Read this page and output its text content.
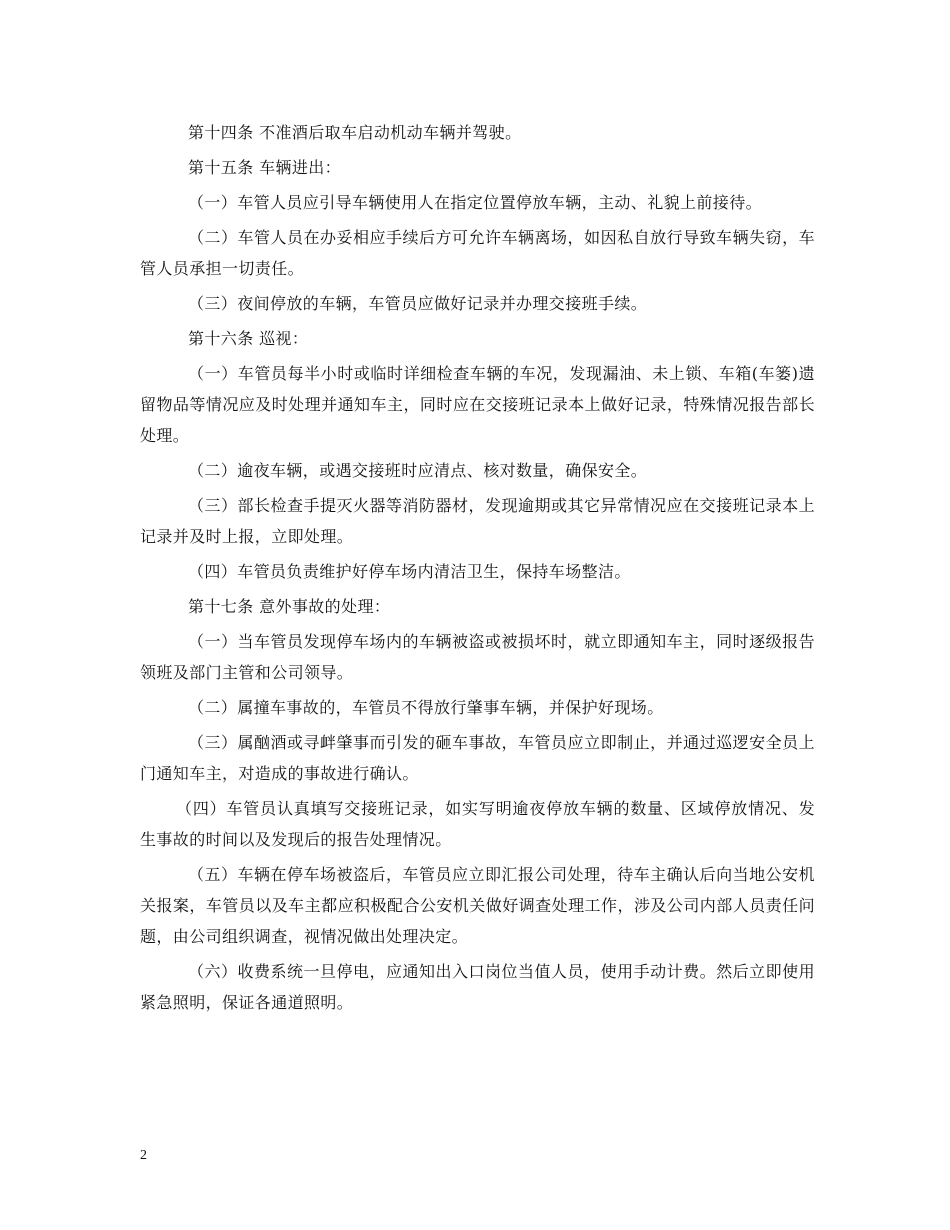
第十四条 不准酒后取车启动机动车辆并驾驶。

第十五条 车辆进出：

（一）车管人员应引导车辆使用人在指定位置停放车辆，主动、礼貌上前接待。

（二）车管人员在办妥相应手续后方可允许车辆离场，如因私自放行导致车辆失窃，车管人员承担一切责任。

（三）夜间停放的车辆，车管员应做好记录并办理交接班手续。

第十六条 巡视：

（一）车管员每半小时或临时详细检查车辆的车况，发现漏油、未上锁、车箱(车篓)遗留物品等情况应及时处理并通知车主，同时应在交接班记录本上做好记录，特殊情况报告部长处理。

（二）逾夜车辆，或遇交接班时应清点、核对数量，确保安全。

（三）部长检查手提灭火器等消防器材，发现逾期或其它异常情况应在交接班记录本上记录并及时上报，立即处理。

（四）车管员负责维护好停车场内清洁卫生，保持车场整洁。

第十七条 意外事故的处理：

（一）当车管员发现停车场内的车辆被盗或被损坏时，就立即通知车主，同时逐级报告领班及部门主管和公司领导。

（二）属撞车事故的，车管员不得放行肇事车辆，并保护好现场。

（三）属酗酒或寻衅肇事而引发的砸车事故，车管员应立即制止，并通过巡逻安全员上门通知车主，对造成的事故进行确认。

（四）车管员认真填写交接班记录，如实写明逾夜停放车辆的数量、区域停放情况、发生事故的时间以及发现后的报告处理情况。

（五）车辆在停车场被盗后，车管员应立即汇报公司处理，待车主确认后向当地公安机关报案，车管员以及车主都应积极配合公安机关做好调查处理工作，涉及公司内部人员责任问题，由公司组织调查，视情况做出处理决定。

（六）收费系统一旦停电，应通知出入口岗位当值人员，使用手动计费。然后立即使用紧急照明，保证各通道照明。

2
